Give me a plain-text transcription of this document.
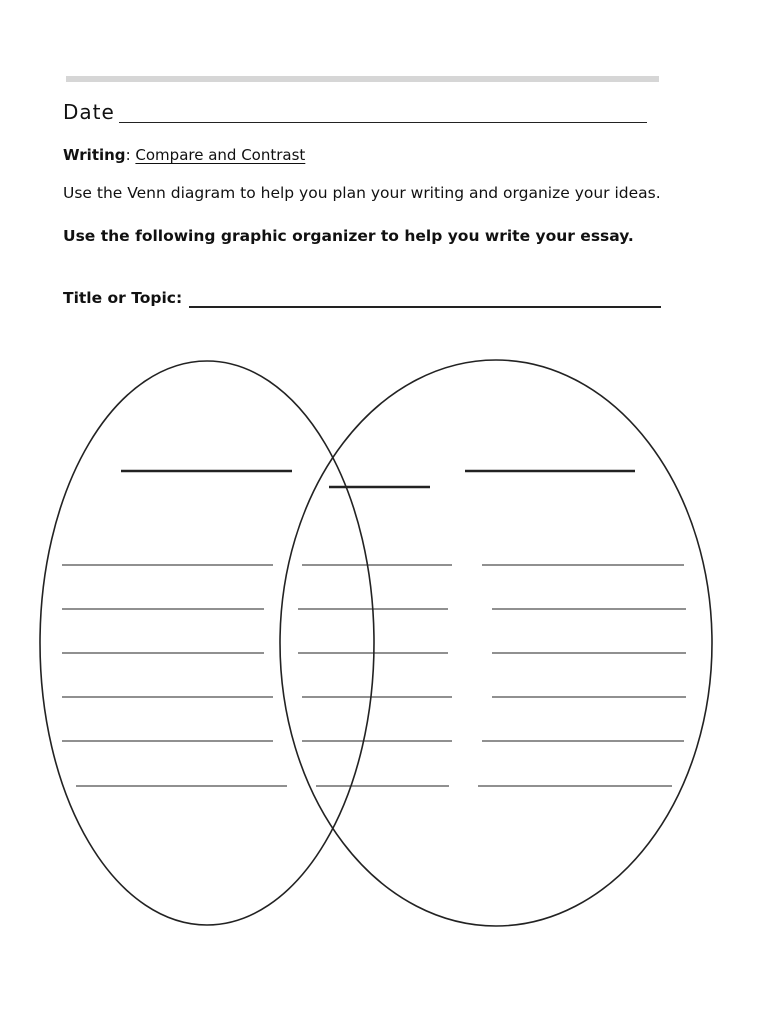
Date
Writing: Compare and Contrast
Use the Venn diagram to help you plan your writing and organize your ideas.
Use the following graphic organizer to help you write your essay.
Title or Topic:
